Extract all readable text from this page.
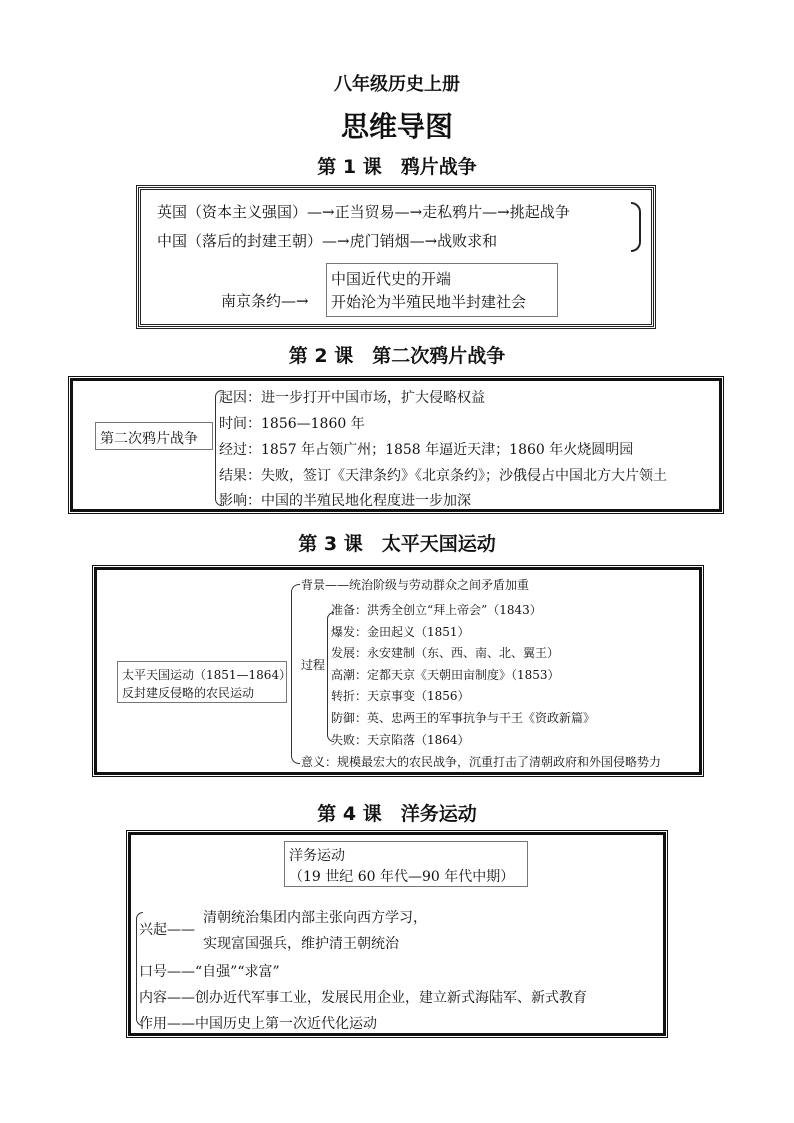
八年级历史上册
思维导图
第 1 课　鸦片战争
英国（资本主义强国）—→正当贸易—→走私鸦片—→挑起战争
中国（落后的封建王朝）—→虎门销烟—→战败求和
南京条约—→
中国近代史的开端
开始沦为半殖民地半封建社会
第 2 课　第二次鸦片战争
第二次鸦片战争
起因：进一步打开中国市场，扩大侵略权益
时间：1856—1860 年
经过：1857 年占领广州；1858 年逼近天津；1860 年火烧圆明园
结果：失败，签订《天津条约》《北京条约》；沙俄侵占中国北方大片领土
影响：中国的半殖民地化程度进一步加深
第 3 课　太平天国运动
太平天国运动（1851—1864）
反封建反侵略的农民运动
背景——统治阶级与劳动群众之间矛盾加重
过程
准备：洪秀全创立“拜上帝会”（1843）
爆发：金田起义（1851）
发展：永安建制（东、西、南、北、翼王）
高潮：定都天京《天朝田亩制度》（1853）
转折：天京事变（1856）
防御：英、忠两王的军事抗争与干王《资政新篇》
失败：天京陷落（1864）
意义：规模最宏大的农民战争，沉重打击了清朝政府和外国侵略势力
第 4 课　洋务运动
洋务运动
（19 世纪 60 年代—90 年代中期）
兴起——
清朝统治集团内部主张向西方学习，
实现富国强兵，维护清王朝统治
口号——“自强”“求富”
内容——创办近代军事工业，发展民用企业，建立新式海陆军、新式教育
作用——中国历史上第一次近代化运动
